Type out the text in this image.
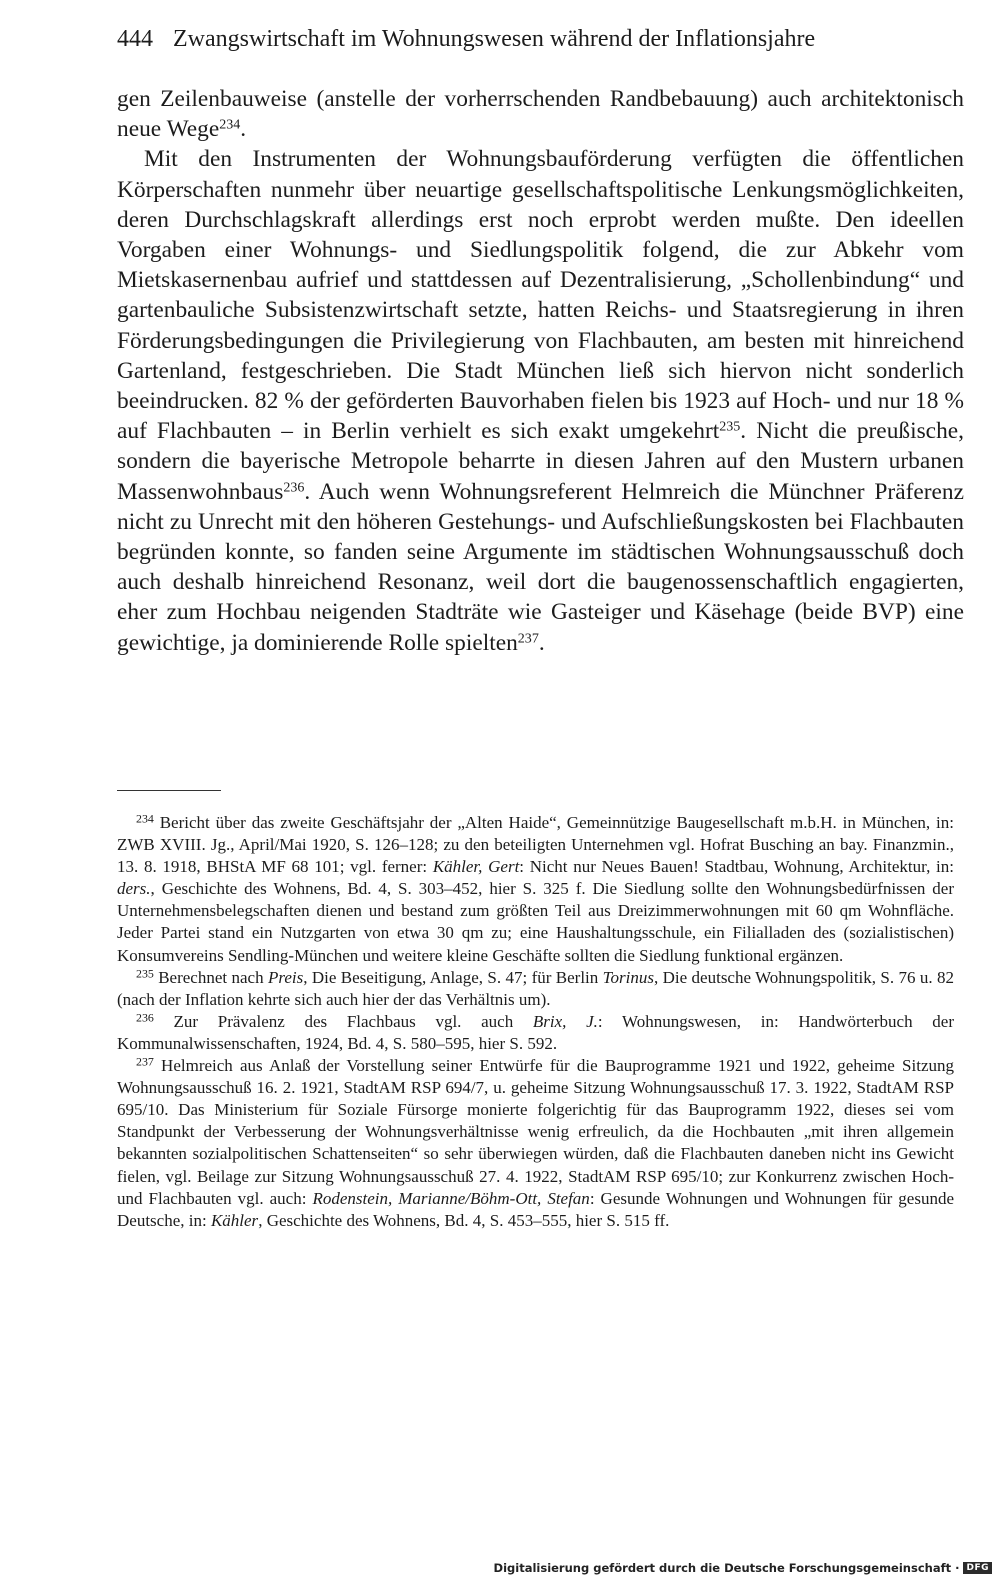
444 Zwangswirtschaft im Wohnungswesen während der Inflationsjahre

gen Zeilenbauweise (anstelle der vorherrschenden Randbebauung) auch architektonisch neue Wege$^{234}$.

Mit den Instrumenten der Wohnungsbauförderung verfügten die öffentlichen Körperschaften nunmehr über neuartige gesellschaftspolitische Lenkungsmöglichkeiten, deren Durchschlagskraft allerdings erst noch erprobt werden mußte. Den ideellen Vorgaben einer Wohnungs- und Siedlungspolitik folgend, die zur Abkehr vom Mietskasernenbau aufrief und stattdessen auf Dezentralisierung, „Schollenbindung“ und gartenbauliche Subsistenzwirtschaft setzte, hatten Reichs- und Staatsregierung in ihren Förderungsbedingungen die Privilegierung von Flachbauten, am besten mit hinreichend Gartenland, festgeschrieben. Die Stadt München ließ sich hiervon nicht sonderlich beeindrucken. 82 % der geförderten Bauvorhaben fielen bis 1923 auf Hoch- und nur 18 % auf Flachbauten – in Berlin verhielt es sich exakt umgekehrt$^{235}$. Nicht die preußische, sondern die bayerische Metropole beharrte in diesen Jahren auf den Mustern urbanen Massenwohnbaus$^{236}$. Auch wenn Wohnungsreferent Helmreich die Münchner Präferenz nicht zu Unrecht mit den höheren Gestehungs- und Aufschließungskosten bei Flachbauten begründen konnte, so fanden seine Argumente im städtischen Wohnungsausschuß doch auch deshalb hinreichend Resonanz, weil dort die baugenossenschaftlich engagierten, eher zum Hochbau neigenden Stadträte wie Gasteiger und Käsehage (beide BVP) eine gewichtige, ja dominierende Rolle spielten$^{237}$.

$^{234}$ Bericht über das zweite Geschäftsjahr der „Alten Haide“, Gemeinnützige Baugesellschaft m.b.H. in München, in: ZWB XVIII. Jg., April/Mai 1920, S. 126–128; zu den beteiligten Unternehmen vgl. Hofrat Busching an bay. Finanzmin., 13. 8. 1918, BHStA MF 68 101; vgl. ferner: Kähler, Gert: Nicht nur Neues Bauen! Stadtbau, Wohnung, Architektur, in: ders., Geschichte des Wohnens, Bd. 4, S. 303–452, hier S. 325 f. Die Siedlung sollte den Wohnungsbedürfnissen der Unternehmensbelegschaften dienen und bestand zum größten Teil aus Dreizimmerwohnungen mit 60 qm Wohnfläche. Jeder Partei stand ein Nutzgarten von etwa 30 qm zu; eine Haushaltungsschule, ein Filialladen des (sozialistischen) Konsumvereins Sendling-München und weitere kleine Geschäfte sollten die Siedlung funktional ergänzen.

$^{235}$ Berechnet nach Preis, Die Beseitigung, Anlage, S. 47; für Berlin Torinus, Die deutsche Wohnungspolitik, S. 76 u. 82 (nach der Inflation kehrte sich auch hier der das Verhältnis um).

$^{236}$ Zur Prävalenz des Flachbaus vgl. auch Brix, J.: Wohnungswesen, in: Handwörterbuch der Kommunalwissenschaften, 1924, Bd. 4, S. 580–595, hier S. 592.

$^{237}$ Helmreich aus Anlaß der Vorstellung seiner Entwürfe für die Bauprogramme 1921 und 1922, geheime Sitzung Wohnungsausschuß 16. 2. 1921, StadtAM RSP 694/7, u. geheime Sitzung Wohnungsausschuß 17. 3. 1922, StadtAM RSP 695/10. Das Ministerium für Soziale Fürsorge monierte folgerichtig für das Bauprogramm 1922, dieses sei vom Standpunkt der Verbesserung der Wohnungsverhältnisse wenig erfreulich, da die Hochbauten „mit ihren allgemein bekannten sozialpolitischen Schattenseiten“ so sehr überwiegen würden, daß die Flachbauten daneben nicht ins Gewicht fielen, vgl. Beilage zur Sitzung Wohnungsausschuß 27. 4. 1922, StadtAM RSP 695/10; zur Konkurrenz zwischen Hoch- und Flachbauten vgl. auch: Rodenstein, Marianne/Böhm-Ott, Stefan: Gesunde Wohnungen und Wohnungen für gesunde Deutsche, in: Kähler, Geschichte des Wohnens, Bd. 4, S. 453–555, hier S. 515 ff.

Digitalisierung gefördert durch die Deutsche Forschungsgemeinschaft · DFG
